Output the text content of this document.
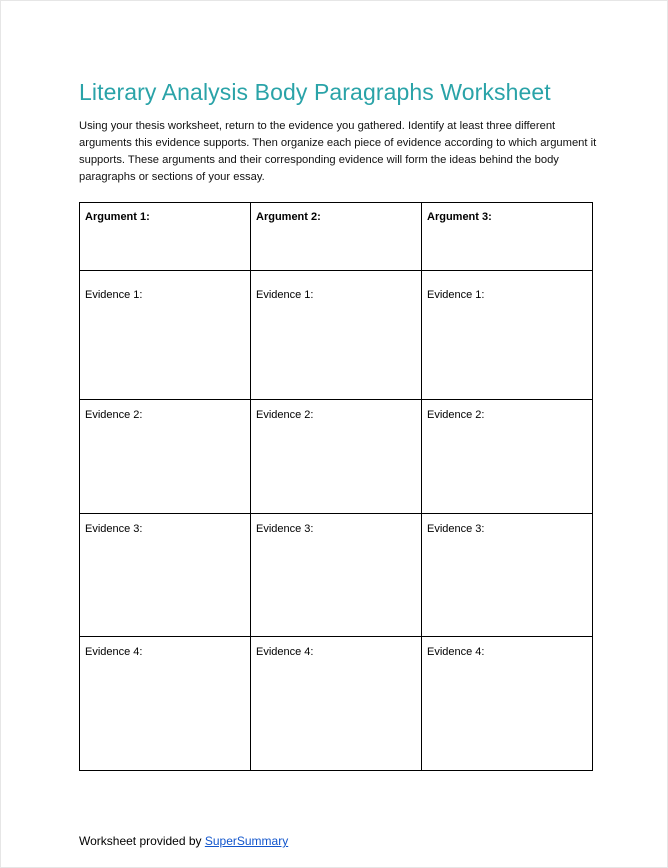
Literary Analysis Body Paragraphs Worksheet

Using your thesis worksheet, return to the evidence you gathered. Identify at least three different arguments this evidence supports. Then organize each piece of evidence according to which argument it supports. These arguments and their corresponding evidence will form the ideas behind the body paragraphs or sections of your essay.

Argument 1:	Argument 2:	Argument 3:
Evidence 1:	Evidence 1:	Evidence 1:
Evidence 2:	Evidence 2:	Evidence 2:
Evidence 3:	Evidence 3:	Evidence 3:
Evidence 4:	Evidence 4:	Evidence 4:
Worksheet provided by SuperSummary
